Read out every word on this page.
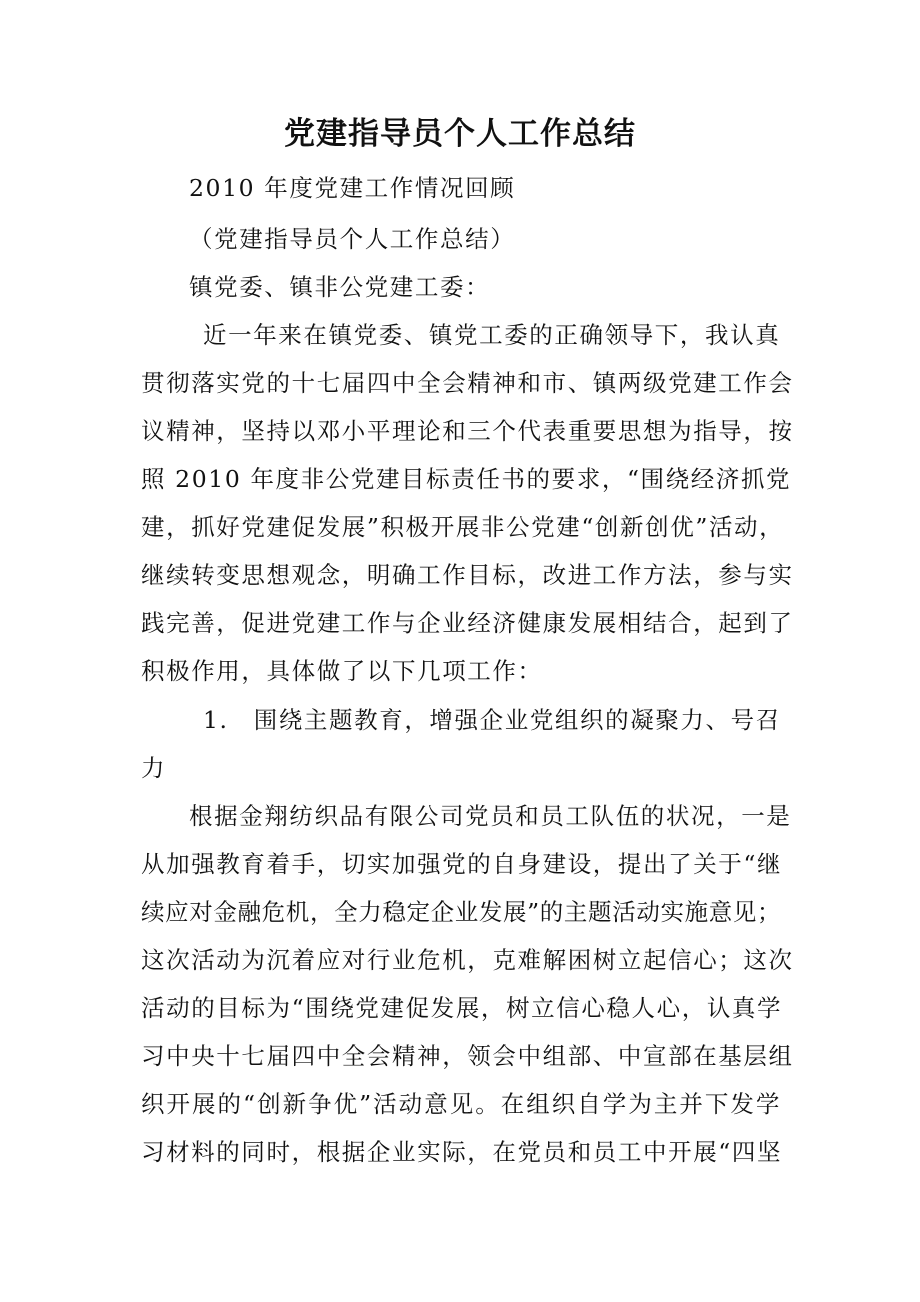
党建指导员个人工作总结
2010 年度党建工作情况回顾
（党建指导员个人工作总结）
镇党委、镇非公党建工委：
近一年来在镇党委、镇党工委的正确领导下，我认真
贯彻落实党的十七届四中全会精神和市、镇两级党建工作会
议精神，坚持以邓小平理论和三个代表重要思想为指导，按
照 2010 年度非公党建目标责任书的要求，“围绕经济抓党
建，抓好党建促发展”积极开展非公党建“创新创优”活动，
继续转变思想观念，明确工作目标，改进工作方法，参与实
践完善，促进党建工作与企业经济健康发展相结合，起到了
积极作用，具体做了以下几项工作：
1.　围绕主题教育，增强企业党组织的凝聚力、号召
力
根据金翔纺织品有限公司党员和员工队伍的状况，一是
从加强教育着手，切实加强党的自身建设，提出了关于“继
续应对金融危机，全力稳定企业发展”的主题活动实施意见；
这次活动为沉着应对行业危机，克难解困树立起信心；这次
活动的目标为“围绕党建促发展，树立信心稳人心，认真学
习中央十七届四中全会精神，领会中组部、中宣部在基层组
织开展的“创新争优”活动意见。在组织自学为主并下发学
习材料的同时，根据企业实际，在党员和员工中开展“四坚
